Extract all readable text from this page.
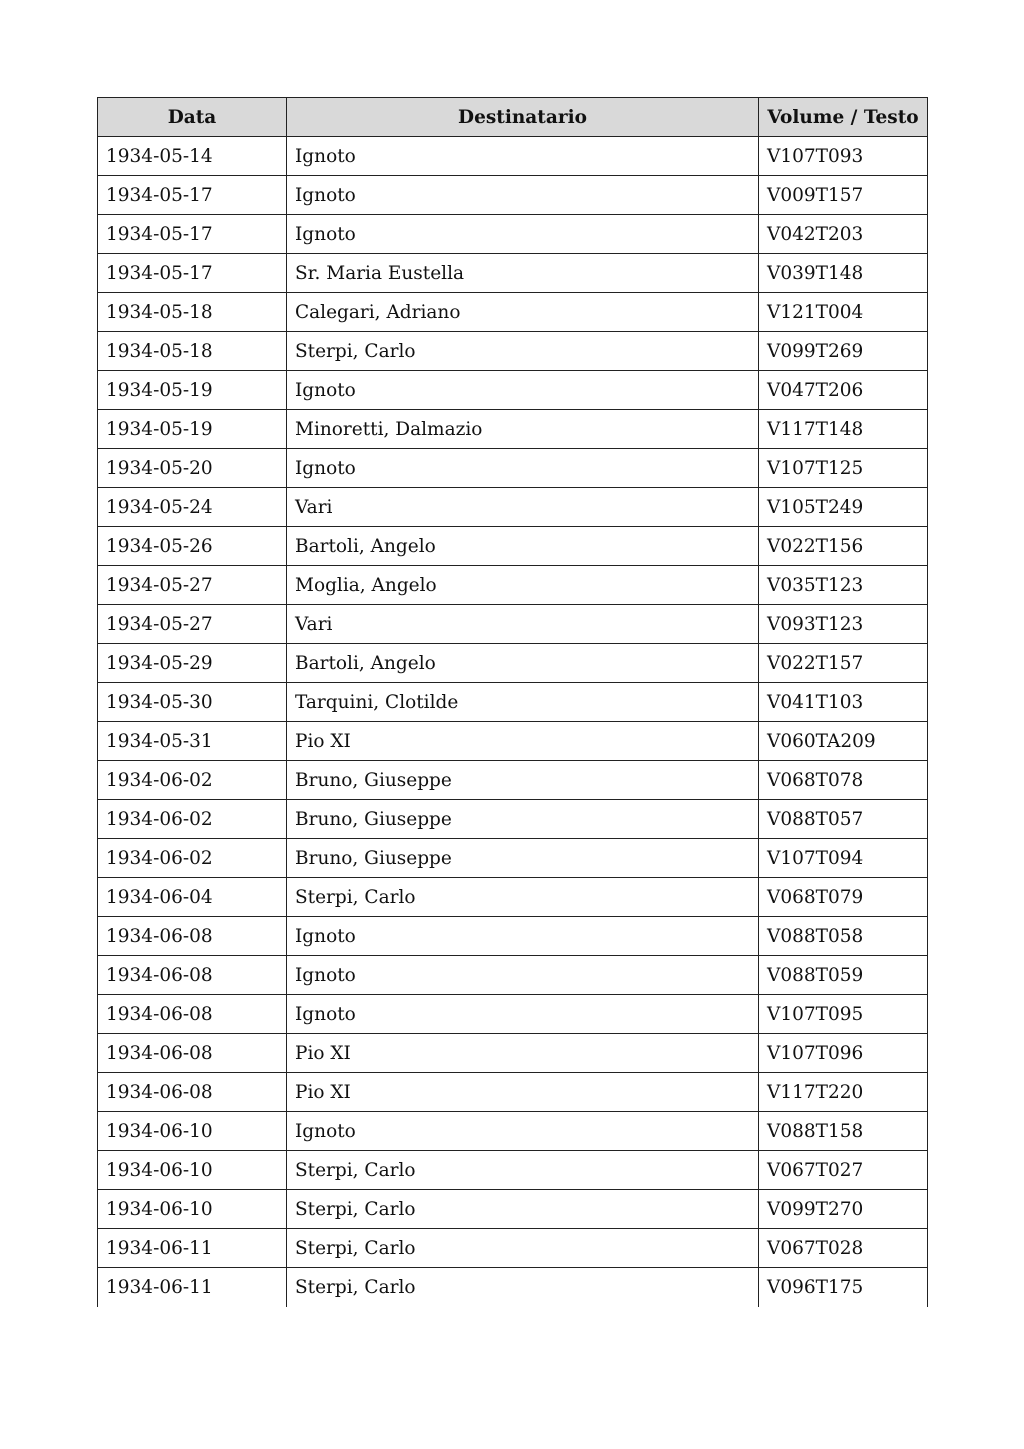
Data	Destinatario	Volume / Testo
1934-05-14	Ignoto	V107T093
1934-05-17	Ignoto	V009T157
1934-05-17	Ignoto	V042T203
1934-05-17	Sr. Maria Eustella	V039T148
1934-05-18	Calegari, Adriano	V121T004
1934-05-18	Sterpi, Carlo	V099T269
1934-05-19	Ignoto	V047T206
1934-05-19	Minoretti, Dalmazio	V117T148
1934-05-20	Ignoto	V107T125
1934-05-24	Vari	V105T249
1934-05-26	Bartoli, Angelo	V022T156
1934-05-27	Moglia, Angelo	V035T123
1934-05-27	Vari	V093T123
1934-05-29	Bartoli, Angelo	V022T157
1934-05-30	Tarquini, Clotilde	V041T103
1934-05-31	Pio XI	V060TA209
1934-06-02	Bruno, Giuseppe	V068T078
1934-06-02	Bruno, Giuseppe	V088T057
1934-06-02	Bruno, Giuseppe	V107T094
1934-06-04	Sterpi, Carlo	V068T079
1934-06-08	Ignoto	V088T058
1934-06-08	Ignoto	V088T059
1934-06-08	Ignoto	V107T095
1934-06-08	Pio XI	V107T096
1934-06-08	Pio XI	V117T220
1934-06-10	Ignoto	V088T158
1934-06-10	Sterpi, Carlo	V067T027
1934-06-10	Sterpi, Carlo	V099T270
1934-06-11	Sterpi, Carlo	V067T028
1934-06-11	Sterpi, Carlo	V096T175
